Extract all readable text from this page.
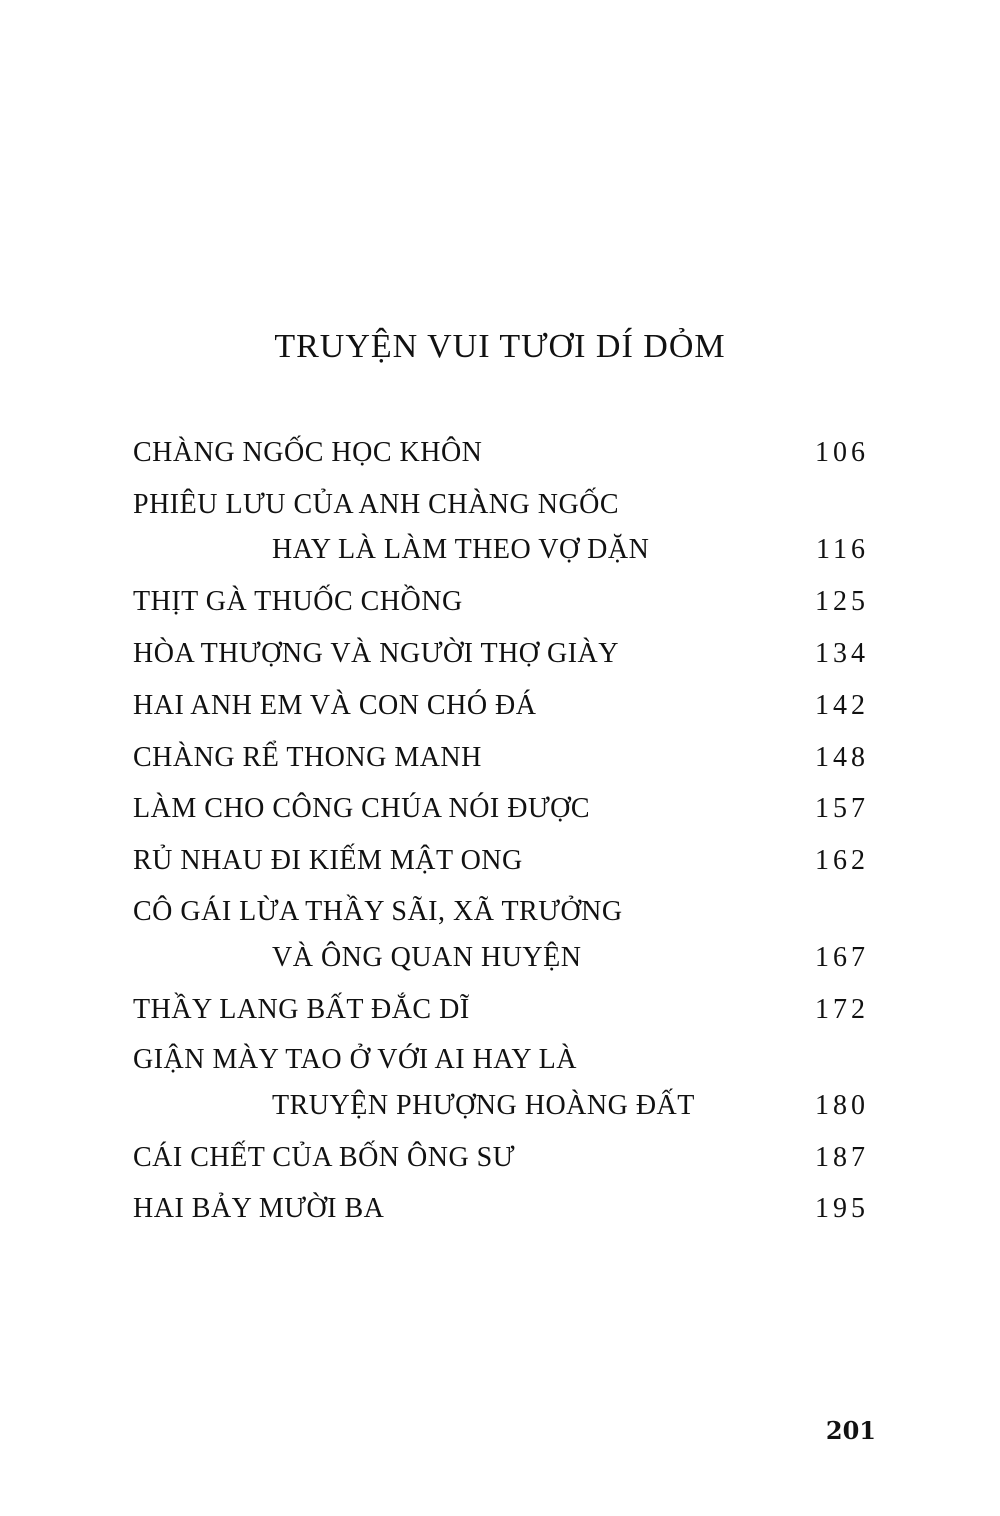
TRUYỆN VUI TƯƠI DÍ DỎM
CHÀNG NGỐC HỌC KHÔN	106
PHIÊU LƯU CỦA ANH CHÀNG NGỐC
HAY LÀ LÀM THEO VỢ DẶN	116
THỊT GÀ THUỐC CHỒNG	125
HÒA THƯỢNG VÀ NGƯỜI THỢ GIÀY	134
HAI ANH EM VÀ CON CHÓ ĐÁ	142
CHÀNG RỂ THONG MANH	148
LÀM CHO CÔNG CHÚA NÓI ĐƯỢC	157
RỦ NHAU ĐI KIẾM MẬT ONG	162
CÔ GÁI LỪA THẦY SÃI, XÃ TRƯỞNG
VÀ ÔNG QUAN HUYỆN	167
THẦY LANG BẤT ĐẮC DĨ	172
GIẬN MÀY TAO Ở VỚI AI HAY LÀ
TRUYỆN PHƯỢNG HOÀNG ĐẤT	180
CÁI CHẾT CỦA BỐN ÔNG SƯ	187
HAI BẢY MƯỜI BA	195
201
